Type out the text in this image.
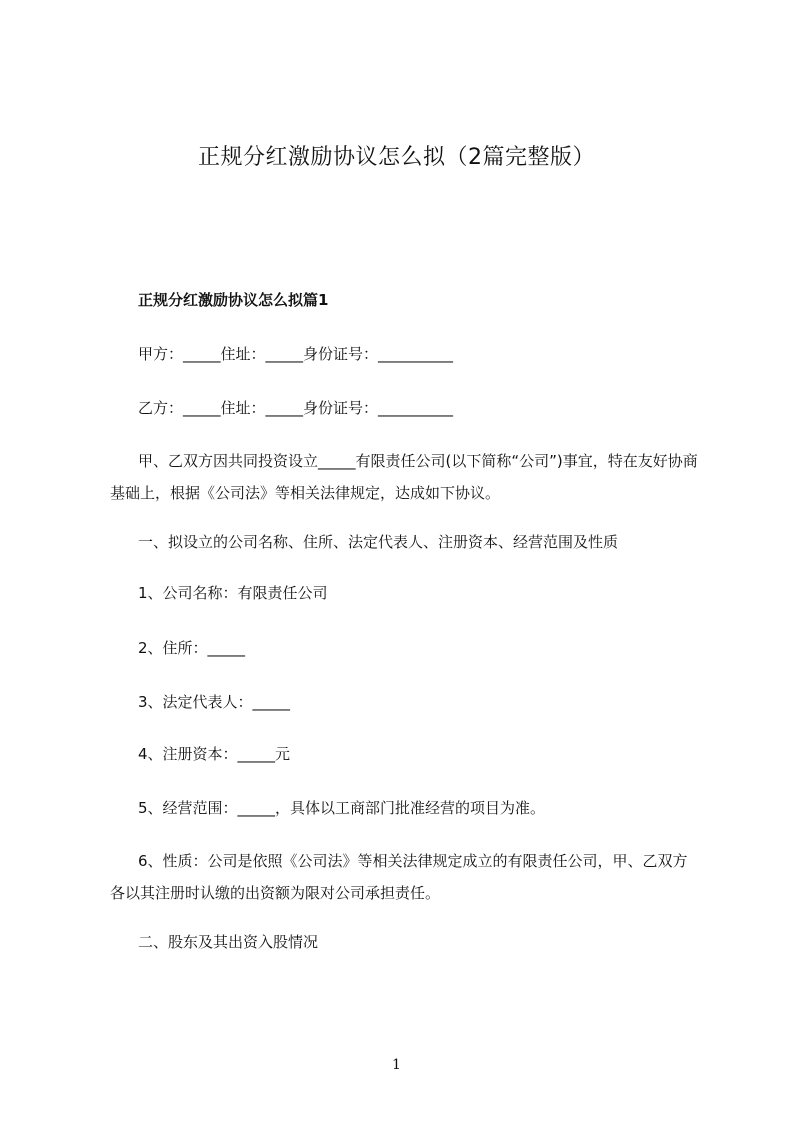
正规分红激励协议怎么拟（2篇完整版）
正规分红激励协议怎么拟篇1
甲方：_____住址：_____身份证号：__________
乙方：_____住址：_____身份证号：__________
甲、乙双方因共同投资设立_____有限责任公司(以下简称“公司”)事宜，特在友好协商基础上，根据《公司法》等相关法律规定，达成如下协议。
一、拟设立的公司名称、住所、法定代表人、注册资本、经营范围及性质
1、公司名称：有限责任公司
2、住所：_____
3、法定代表人：_____
4、注册资本：_____元
5、经营范围：_____，具体以工商部门批准经营的项目为准。
6、性质：公司是依照《公司法》等相关法律规定成立的有限责任公司，甲、乙双方各以其注册时认缴的出资额为限对公司承担责任。
二、股东及其出资入股情况
1
